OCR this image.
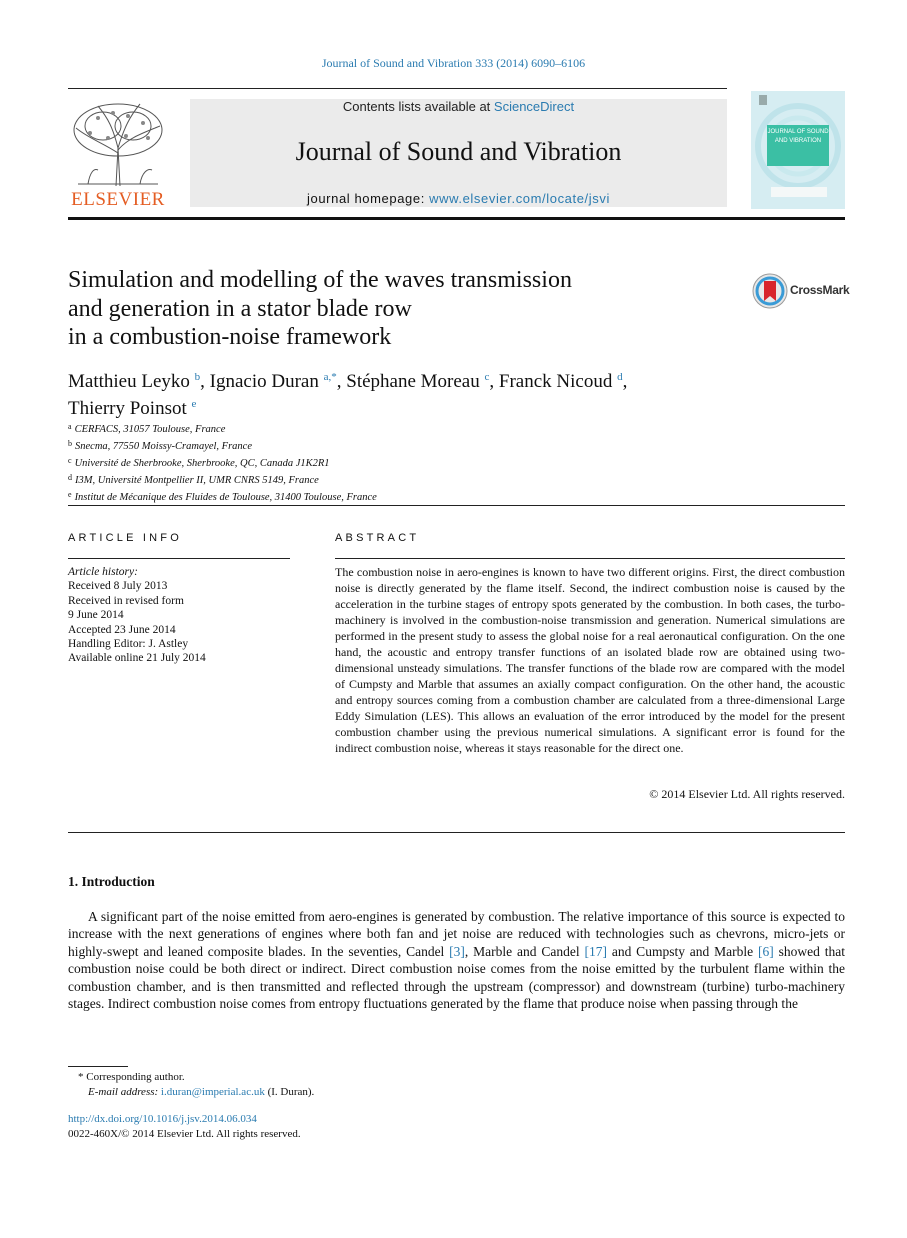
Journal of Sound and Vibration 333 (2014) 6090–6106
ELSEVIER
Contents lists available at ScienceDirect
Journal of Sound and Vibration
journal homepage: www.elsevier.com/locate/jsvi
JOURNAL OF SOUND AND VIBRATION
Simulation and modelling of the waves transmission
and generation in a stator blade row
in a combustion-noise framework
CrossMark
Matthieu Leyko $^b$, Ignacio Duran $^{a,*}$, Stéphane Moreau $^c$, Franck Nicoud $^d$,
Thierry Poinsot $^e$
$^a$ CERFACS, 31057 Toulouse, France
$^b$ Snecma, 77550 Moissy-Cramayel, France
$^c$ Université de Sherbrooke, Sherbrooke, QC, Canada J1K2R1
$^d$ I3M, Université Montpellier II, UMR CNRS 5149, France
$^e$ Institut de Mécanique des Fluides de Toulouse, 31400 Toulouse, France
ARTICLE INFO	ABSTRACT
Article history:
Received 8 July 2013
Received in revised form
9 June 2014
Accepted 23 June 2014
Handling Editor: J. Astley
Available online 21 July 2014
The combustion noise in aero-engines is known to have two different origins. First, the direct combustion noise is directly generated by the flame itself. Second, the indirect combustion noise is caused by the acceleration in the turbine stages of entropy spots generated by the combustion. In both cases, the turbo-machinery is involved in the combustion-noise transmission and generation. Numerical simulations are performed in the present study to assess the global noise for a real aeronautical configuration. On the one hand, the acoustic and entropy transfer functions of an isolated blade row are obtained using two-dimensional unsteady simulations. The transfer functions of the blade row are compared with the model of Cumpsty and Marble that assumes an axially compact configuration. On the other hand, the acoustic and entropy sources coming from a combustion chamber are calculated from a three-dimensional Large Eddy Simulation (LES). This allows an evaluation of the error introduced by the model for the present combustion chamber using the previous numerical simulations. A significant error is found for the indirect combustion noise, whereas it stays reasonable for the direct one.
© 2014 Elsevier Ltd. All rights reserved.
1. Introduction
A significant part of the noise emitted from aero-engines is generated by combustion. The relative importance of this source is expected to increase with the next generations of engines where both fan and jet noise are reduced with technologies such as chevrons, micro-jets or highly-swept and leaned composite blades. In the seventies, Candel [3], Marble and Candel [17] and Cumpsty and Marble [6] showed that combustion noise could be both direct or indirect. Direct combustion noise comes from the noise emitted by the turbulent flame within the combustion chamber, and is then transmitted and reflected through the upstream (compressor) and downstream (turbine) turbo-machinery stages. Indirect combustion noise comes from entropy fluctuations generated by the flame that produce noise when passing through the
* Corresponding author.
E-mail address: i.duran@imperial.ac.uk (I. Duran).
http://dx.doi.org/10.1016/j.jsv.2014.06.034
0022-460X/© 2014 Elsevier Ltd. All rights reserved.
